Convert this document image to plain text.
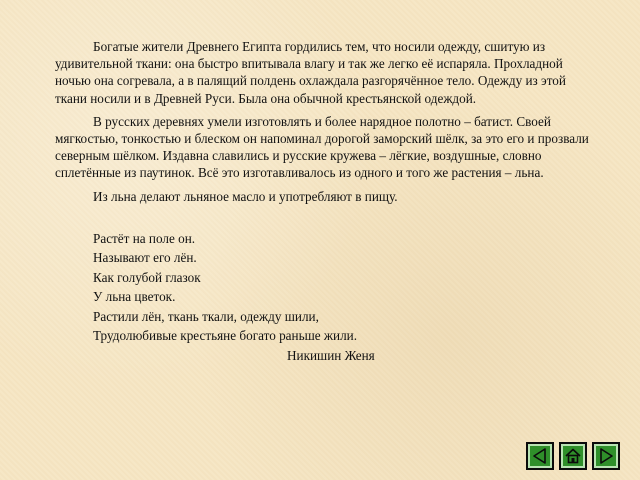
Богатые жители Древнего Египта гордились тем, что носили одежду, сшитую из удивительной ткани: она быстро впитывала влагу и так же легко её испаряла. Прохладной ночью она согревала, а в палящий полдень охлаждала разгорячённое тело. Одежду из этой ткани носили и в Древней Руси. Была она обычной крестьянской одеждой.

В русских деревнях умели изготовлять и более нарядное полотно – батист. Своей мягкостью, тонкостью и блеском он напоминал дорогой заморский шёлк, за это его и прозвали северным шёлком. Издавна славились и русские кружева – лёгкие, воздушные, словно сплетённые из паутинок. Всё это изготавливалось из одного и того же растения – льна.

Из льна делают льняное масло и употребляют в пищу.

Растёт на поле он.

Называют его лён.

Как голубой глазок

У льна цветок.

Растили лён, ткань ткали, одежду шили,

Трудолюбивые крестьяне богато раньше жили.

Никишин Женя
